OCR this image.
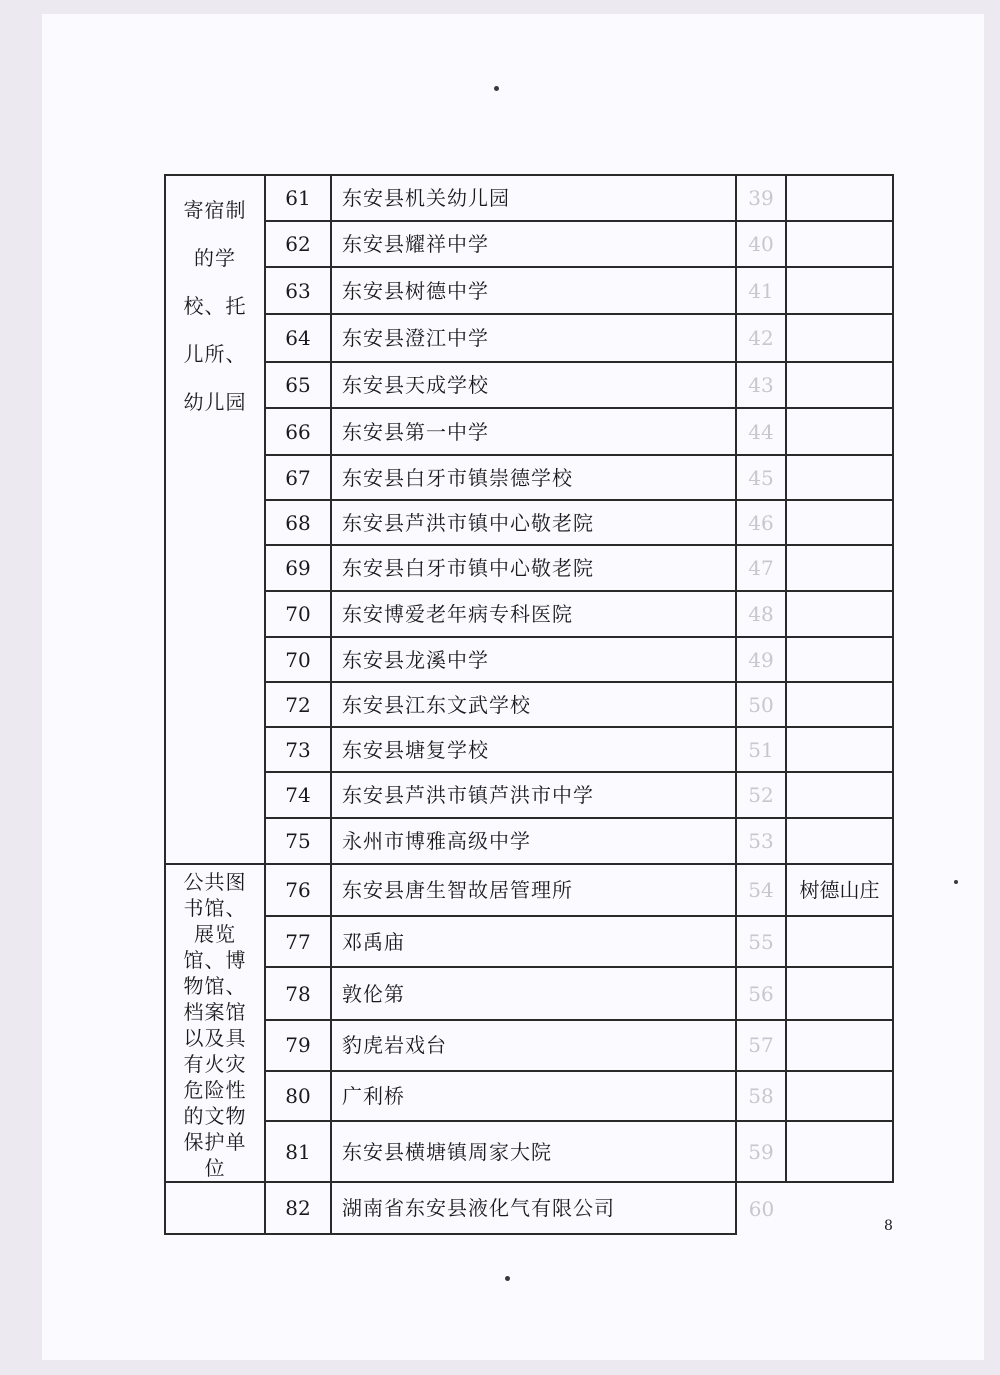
寄宿制的学校、托儿所、幼儿园	61	东安县机关幼儿园	39	
	62	东安县耀祥中学	40	
	63	东安县树德中学	41	
	64	东安县澄江中学	42	
	65	东安县天成学校	43	
	66	东安县第一中学	44	
	67	东安县白牙市镇崇德学校	45	
	68	东安县芦洪市镇中心敬老院	46	
	69	东安县白牙市镇中心敬老院	47	
	70	东安博爱老年病专科医院	48	
	70	东安县龙溪中学	49	
	72	东安县江东文武学校	50	
	73	东安县塘复学校	51	
	74	东安县芦洪市镇芦洪市中学	52	
	75	永州市博雅高级中学	53	

公共图书馆、展览馆、博物馆、档案馆以及具有火灾危险性的文物保护单位	76	东安县唐生智故居管理所	54	树德山庄
	77	邓禹庙	55	
	78	敦伦第	56	
	79	豹虎岩戏台	57	
	80	广利桥	58	
	81	东安县横塘镇周家大院	59	
	82	湖南省东安县液化气有限公司	60	
8
